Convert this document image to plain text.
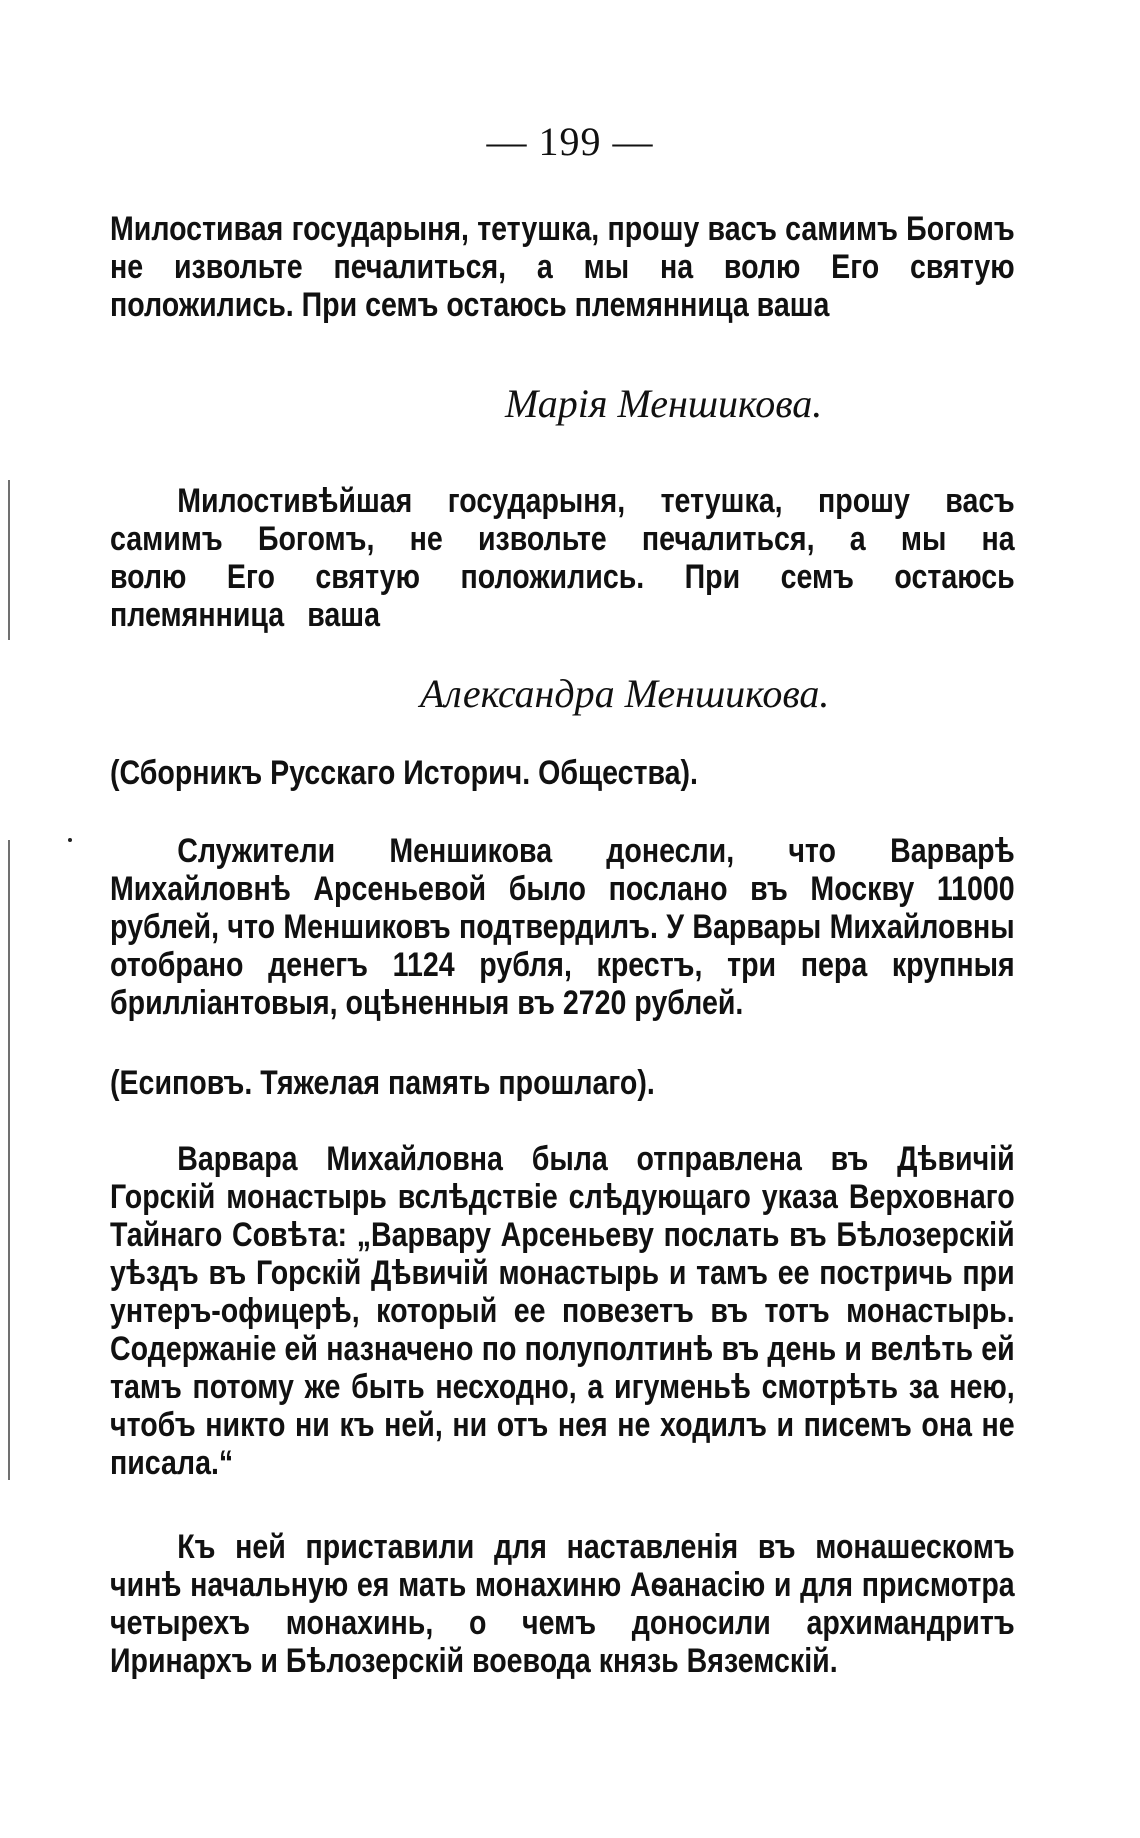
— 199 —
Милостивая государыня, тетушка, прошу васъ самимъ Богомъ не извольте печалиться, а мы на волю Его святую положились. При семъ остаюсь племянница ваша
Марія Меншикова.
Милостивѣйшая государыня, тетушка, прошу васъ самимъ Богомъ, не извольте печалиться, а мы на волю Его святую положились. При семъ остаюсь племянница ваша
Александра Меншикова.
(Сборникъ Русскаго Историч. Общества).
Служители Меншикова донесли, что Варварѣ Михайловнѣ Арсеньевой было послано въ Москву 11000 рублей, что Меншиковъ подтвердилъ. У Варвары Михайловны отобрано денегъ 1124 рубля, крестъ, три пера крупныя брилліантовыя, оцѣненныя въ 2720 рублей.
(Есиповъ. Тяжелая память прошлаго).
Варвара Михайловна была отправлена въ Дѣвичій Горскій монастырь вслѣдствіе слѣдующаго указа Верховнаго Тайнаго Совѣта: „Варвару Арсеньеву послать въ Бѣлозерскій уѣздъ въ Горскій Дѣвичій монастырь и тамъ ее постричь при унтеръ-офицерѣ, который ее повезетъ въ тотъ монастырь. Содержаніе ей назначено по полуполтинѣ въ день и велѣть ей тамъ потому же быть несходно, а игуменьѣ смотрѣть за нею, чтобъ никто ни къ ней, ни отъ нея не ходилъ и писемъ она не писала.“
Къ ней приставили для наставленія въ монашескомъ чинѣ начальную ея мать монахиню Аѳанасію и для присмотра четырехъ монахинь, о чемъ доносили архимандритъ Иринархъ и Бѣлозерскій воевода князь Вяземскій.
